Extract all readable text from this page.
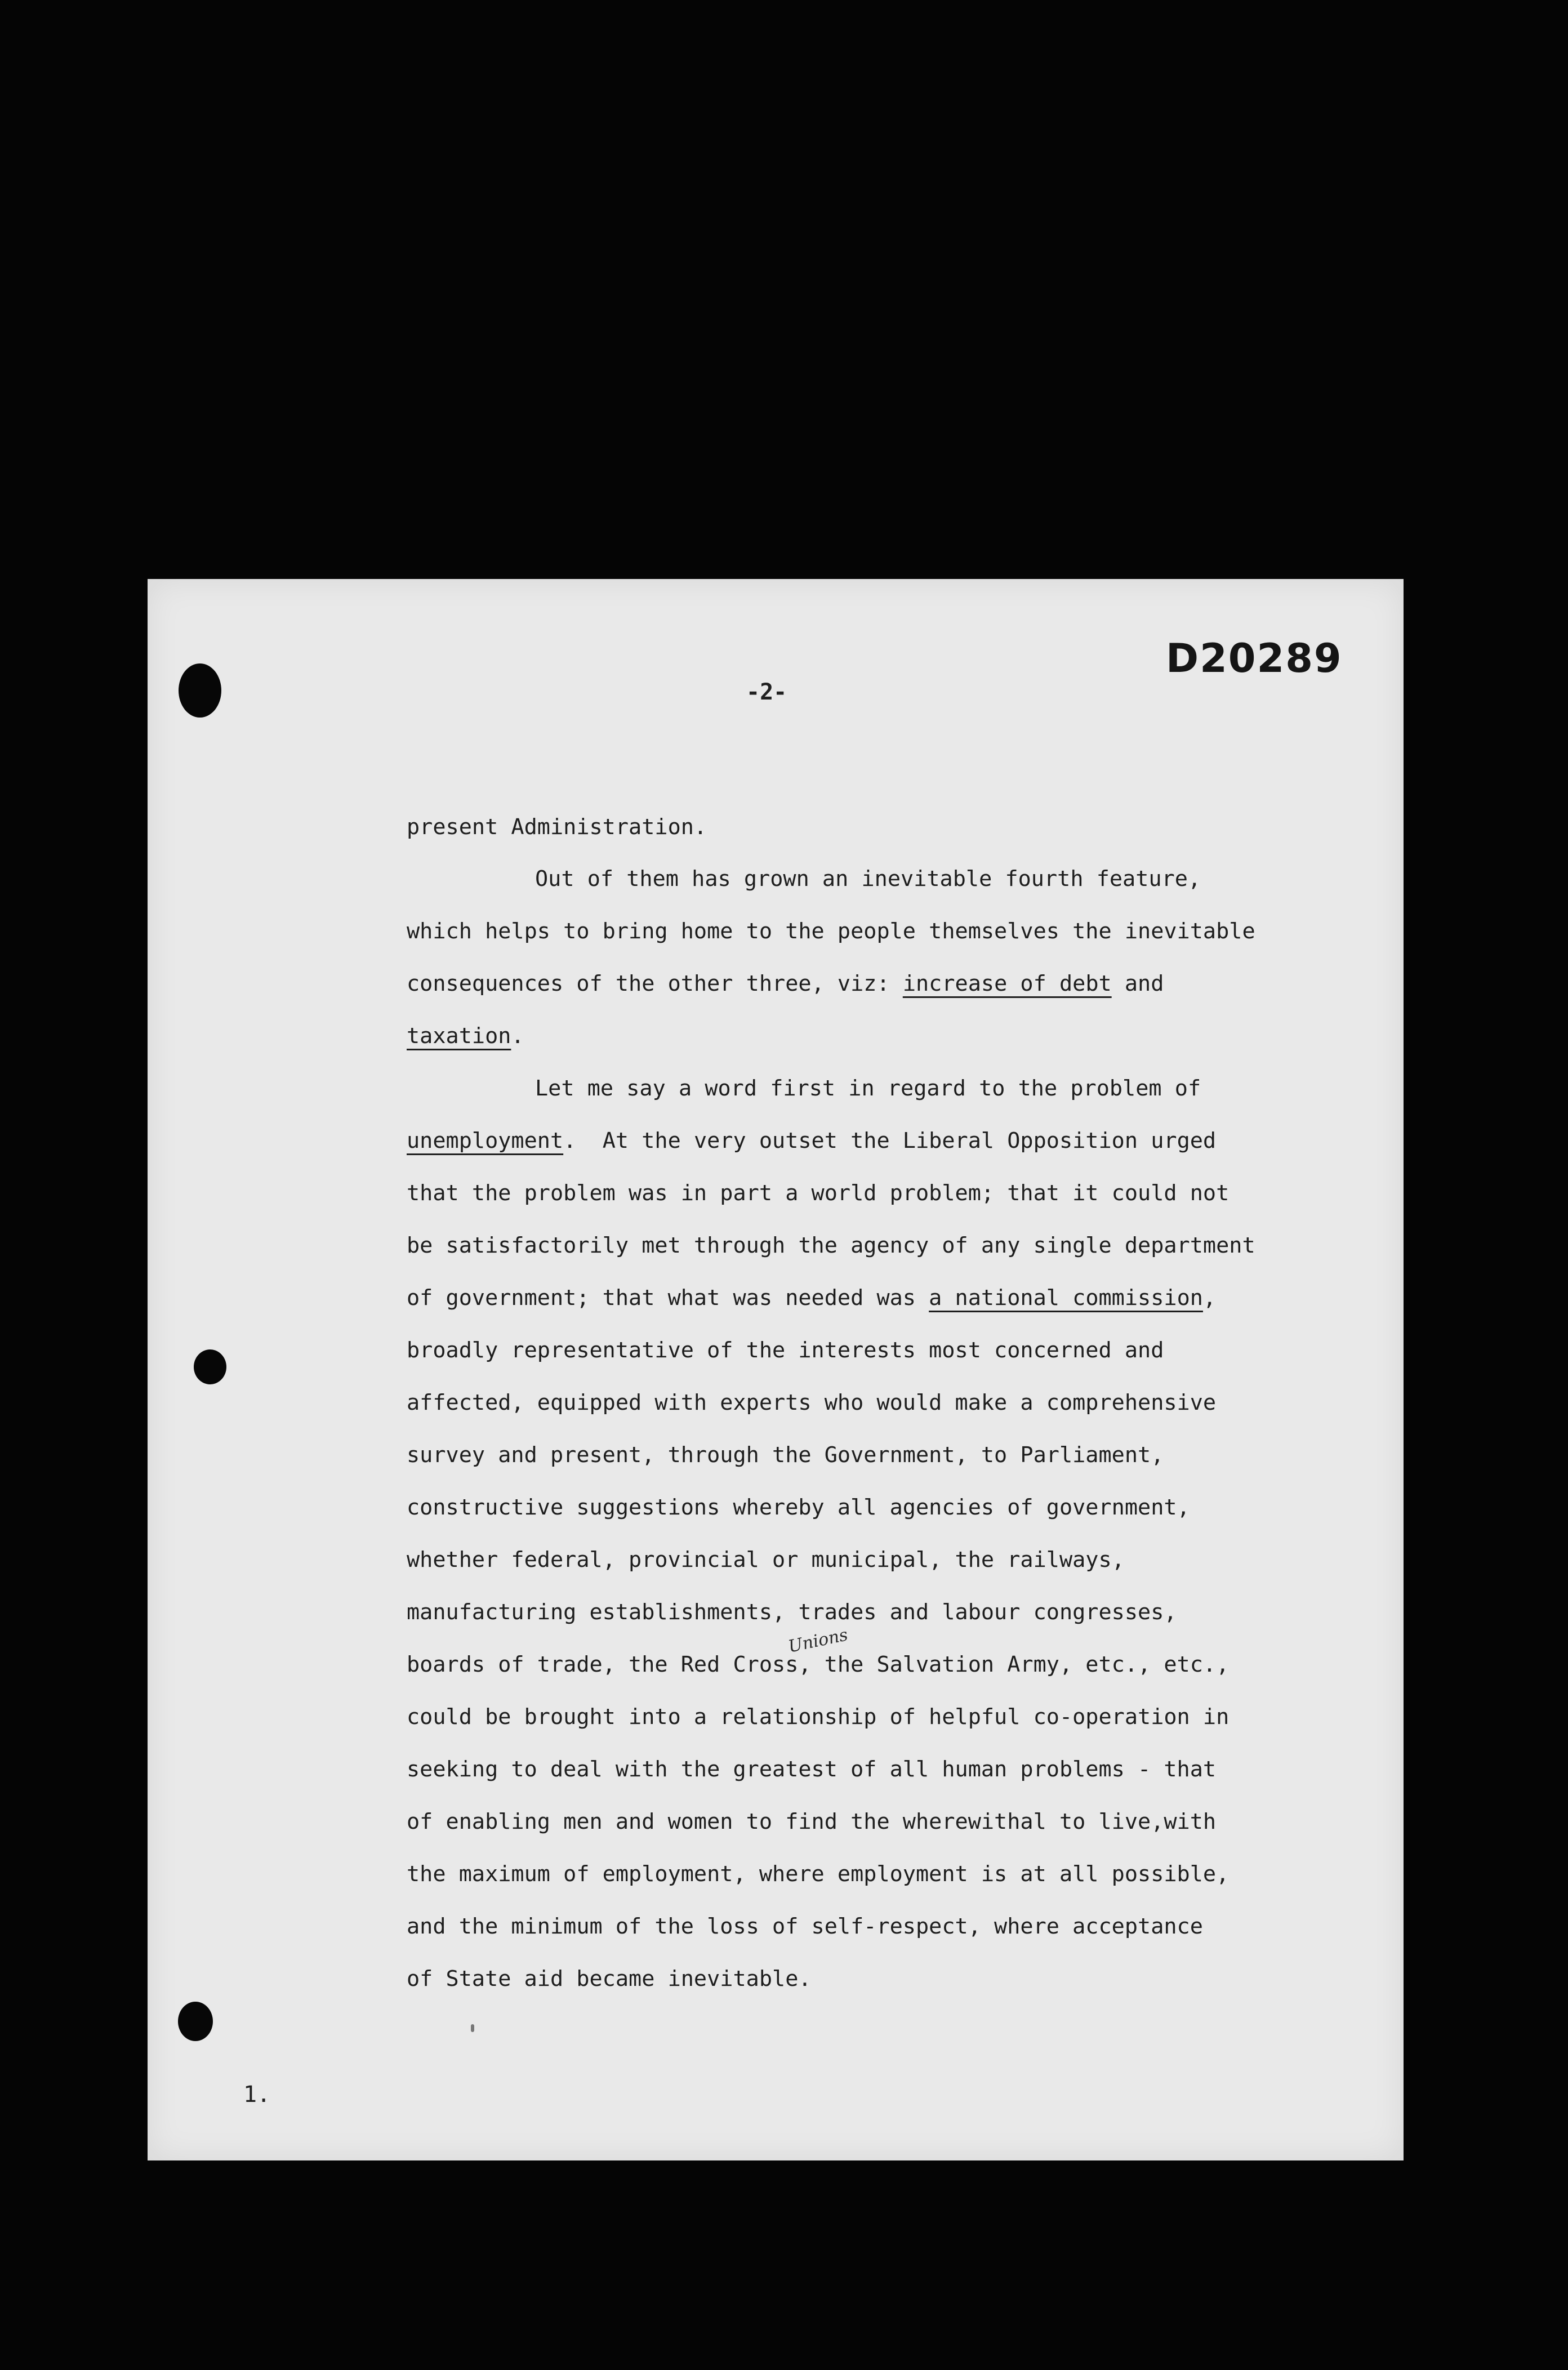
D20289
-2-
present Administration.
Out of them has grown an inevitable fourth feature,
which helps to bring home to the people themselves the inevitable
consequences of the other three, viz: increase of debt and
taxation.
Let me say a word first in regard to the problem of
unemployment.  At the very outset the Liberal Opposition urged
that the problem was in part a world problem; that it could not
be satisfactorily met through the agency of any single department
of government; that what was needed was a national commission,
broadly representative of the interests most concerned and
affected, equipped with experts who would make a comprehensive
survey and present, through the Government, to Parliament,
constructive suggestions whereby all agencies of government,
whether federal, provincial or municipal, the railways,
manufacturing establishments, trades and labour congresses,
boards of trade, the Red Cross, the Salvation Army, etc., etc.,
could be brought into a relationship of helpful co-operation in
seeking to deal with the greatest of all human problems - that
of enabling men and women to find the wherewithal to live,with
the maximum of employment, where employment is at all possible,
and the minimum of the loss of self-respect, where acceptance
of State aid became inevitable.
Unions
1.
